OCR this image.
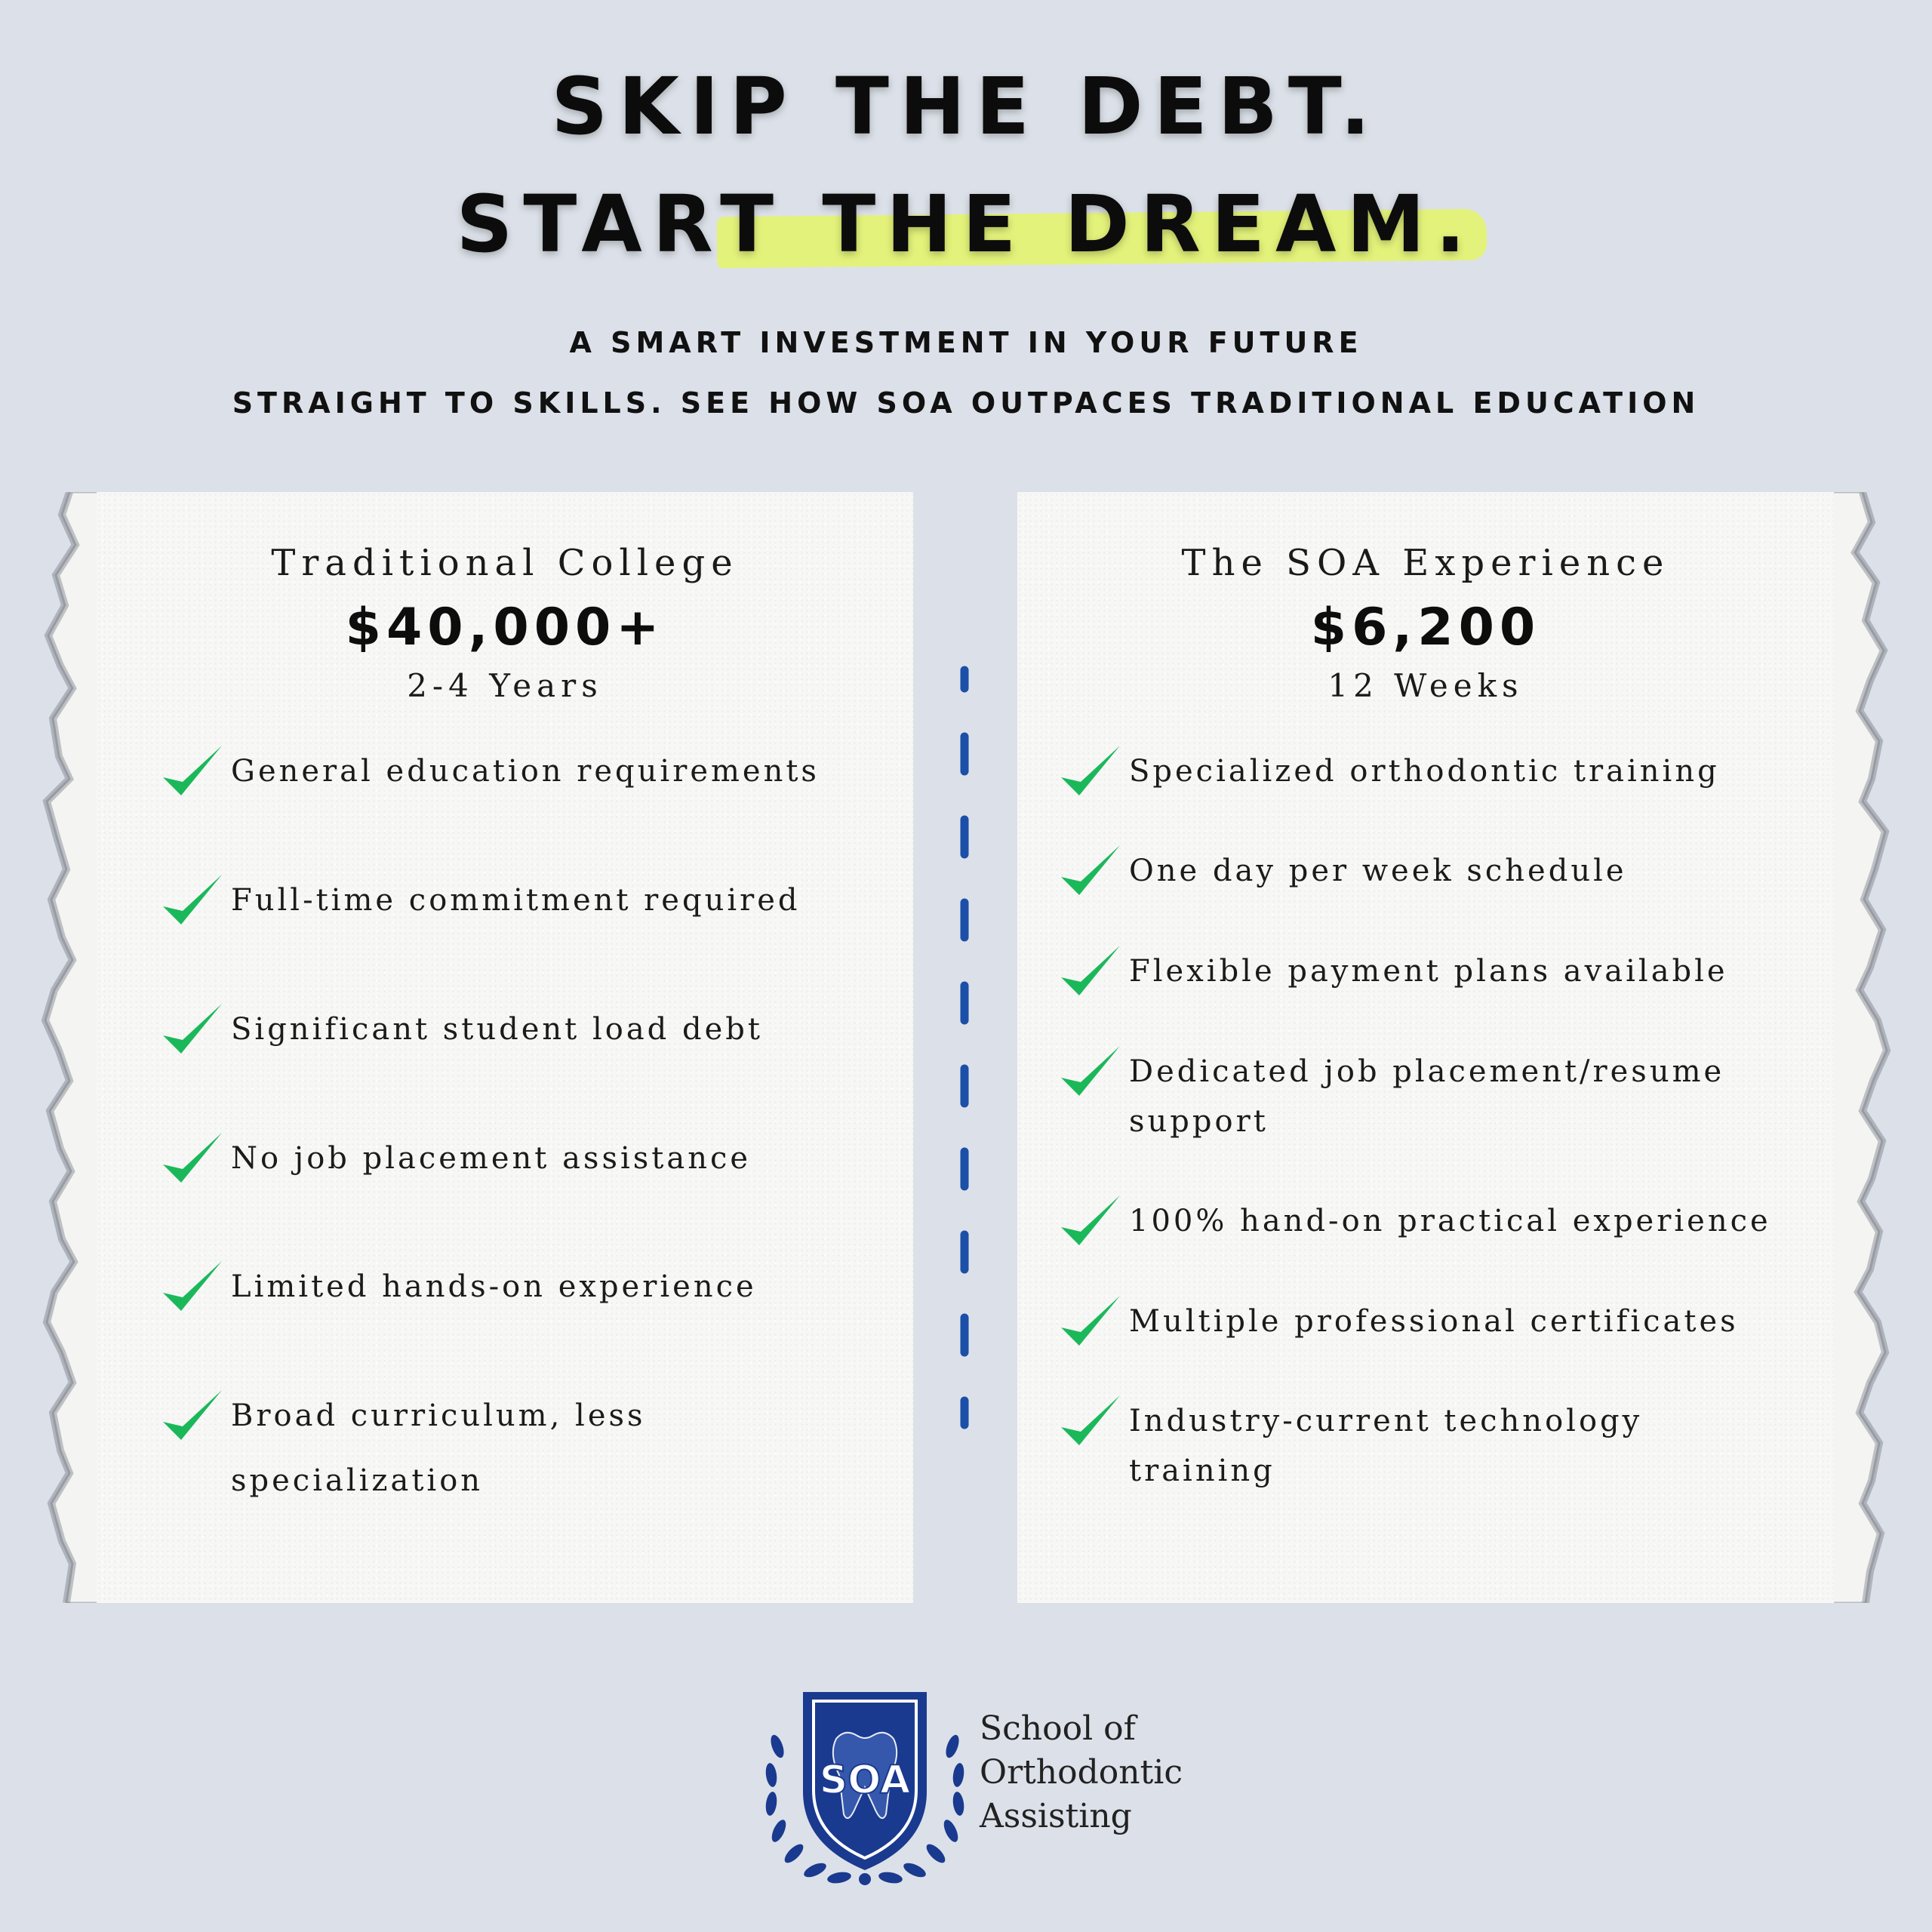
SKIP THE DEBT.
START THE DREAM.
A SMART INVESTMENT IN YOUR FUTURE
STRAIGHT TO SKILLS. SEE HOW SOA OUTPACES TRADITIONAL EDUCATION
Traditional College
$40,000+
2-4 Years
General education requirements
Full-time commitment required
Significant student load debt
No job placement assistance
Limited hands-on experience
Broad curriculum, less
specialization
The SOA Experience
$6,200
12 Weeks
Specialized orthodontic training
One day per week schedule
Flexible payment plans available
Dedicated job placement/resume
support
100% hand-on practical experience
Multiple professional certificates
Industry-current technology
training
SOA
School of
Orthodontic
Assisting
